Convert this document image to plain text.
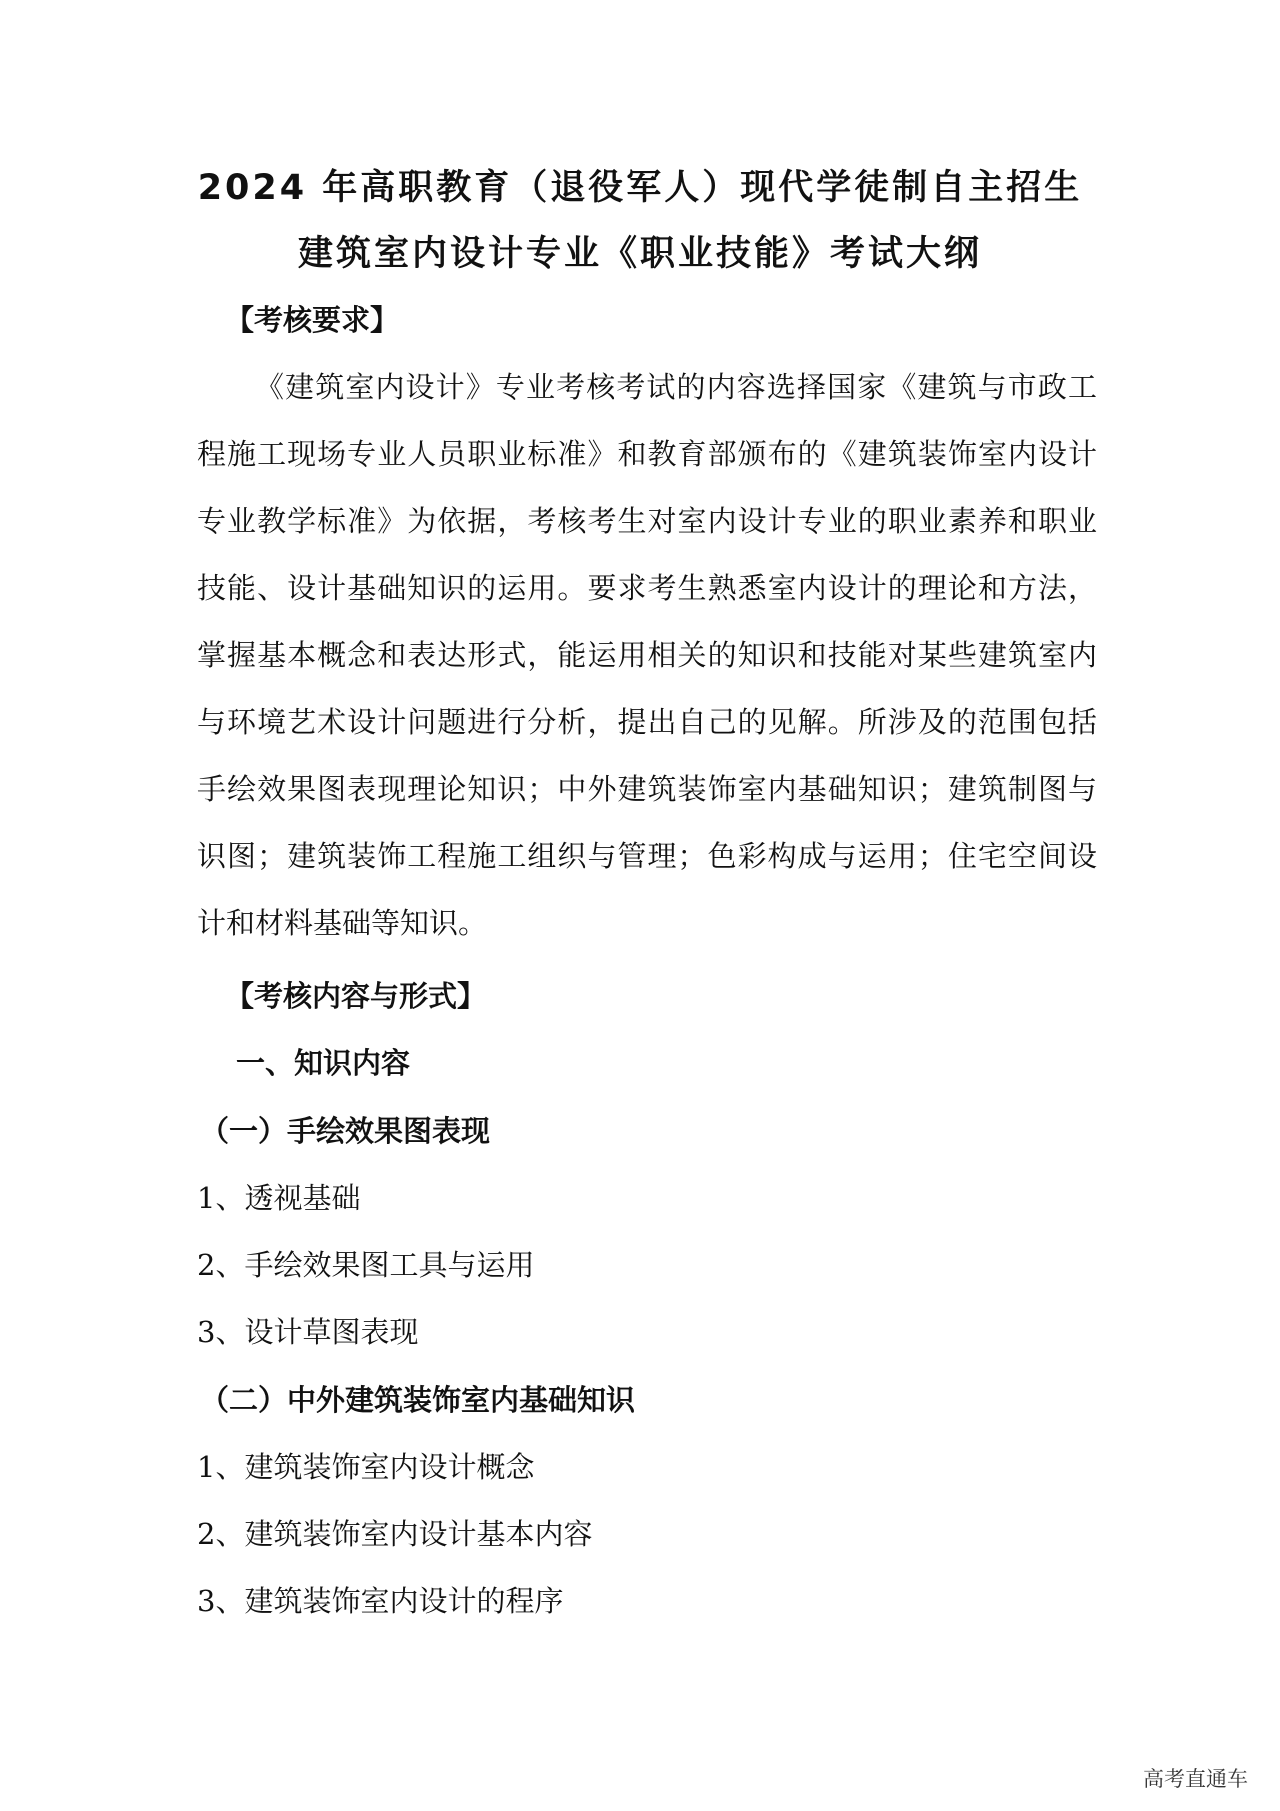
2024 年高职教育（退役军人）现代学徒制自主招生
建筑室内设计专业《职业技能》考试大纲
【考核要求】
《建筑室内设计》专业考核考试的内容选择国家《建筑与市政工
程施工现场专业人员职业标准》和教育部颁布的《建筑装饰室内设计
专业教学标准》为依据，考核考生对室内设计专业的职业素养和职业
技能、设计基础知识的运用。要求考生熟悉室内设计的理论和方法，
掌握基本概念和表达形式，能运用相关的知识和技能对某些建筑室内
与环境艺术设计问题进行分析，提出自己的见解。所涉及的范围包括
手绘效果图表现理论知识；中外建筑装饰室内基础知识；建筑制图与
识图；建筑装饰工程施工组织与管理；色彩构成与运用；住宅空间设
计和材料基础等知识。
【考核内容与形式】
一、知识内容
（一）手绘效果图表现
1、透视基础
2、手绘效果图工具与运用
3、设计草图表现
（二）中外建筑装饰室内基础知识
1、建筑装饰室内设计概念
2、建筑装饰室内设计基本内容
3、建筑装饰室内设计的程序
高考直通车
